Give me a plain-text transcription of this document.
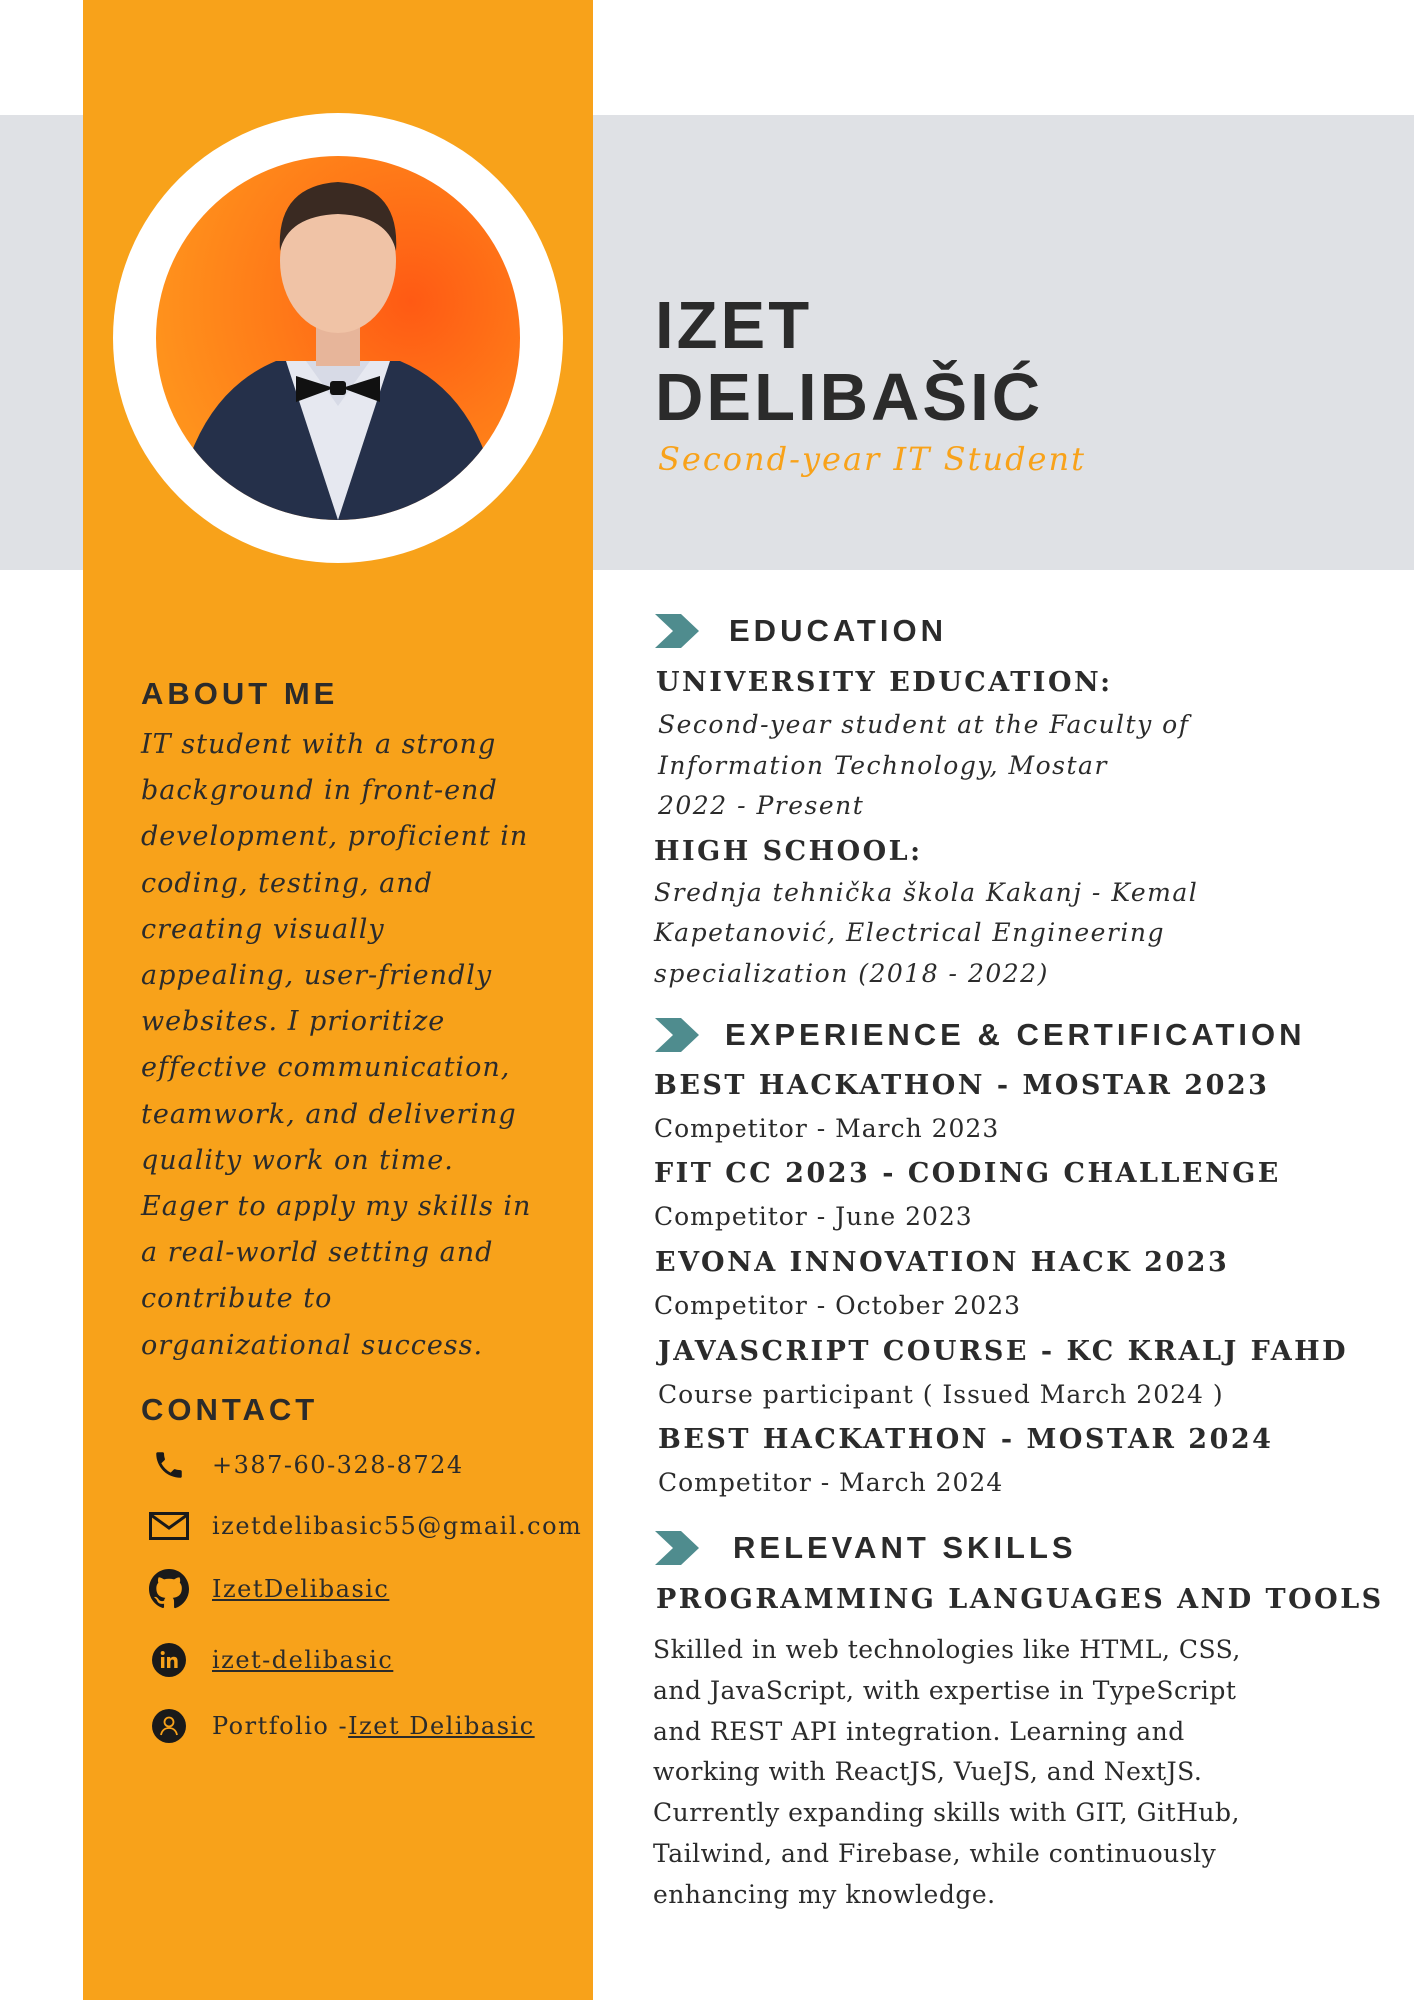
IZET
DELIBAŠIĆ
Second-year IT Student
ABOUT ME

IT student with a strong background in front-end development, proficient in coding, testing, and creating visually appealing, user-friendly websites. I prioritize effective communication, teamwork, and delivering quality work on time. Eager to apply my skills in a real-world setting and contribute to organizational success.

CONTACT
+387-60-328-8724
izetdelibasic55@gmail.com
IzetDelibasic
izet-delibasic
Portfolio -Izet Delibasic
EDUCATION
UNIVERSITY EDUCATION:
Second-year student at the Faculty of
Information Technology, Mostar
2022 - Present
HIGH SCHOOL:
Srednja tehnička škola Kakanj - Kemal
Kapetanović, Electrical Engineering
specialization (2018 - 2022)
EXPERIENCE & CERTIFICATION
BEST HACKATHON - MOSTAR 2023
Competitor - March 2023
FIT CC 2023 - CODING CHALLENGE
Competitor - June 2023
EVONA INNOVATION HACK 2023
Competitor - October 2023
JAVASCRIPT COURSE - KC KRALJ FAHD
Course participant ( Issued March 2024 )
BEST HACKATHON - MOSTAR 2024
Competitor - March 2024
RELEVANT SKILLS
PROGRAMMING LANGUAGES AND TOOLS

Skilled in web technologies like HTML, CSS, and JavaScript, with expertise in TypeScript and REST API integration. Learning and working with ReactJS, VueJS, and NextJS. Currently expanding skills with GIT, GitHub, Tailwind, and Firebase, while continuously enhancing my knowledge.
